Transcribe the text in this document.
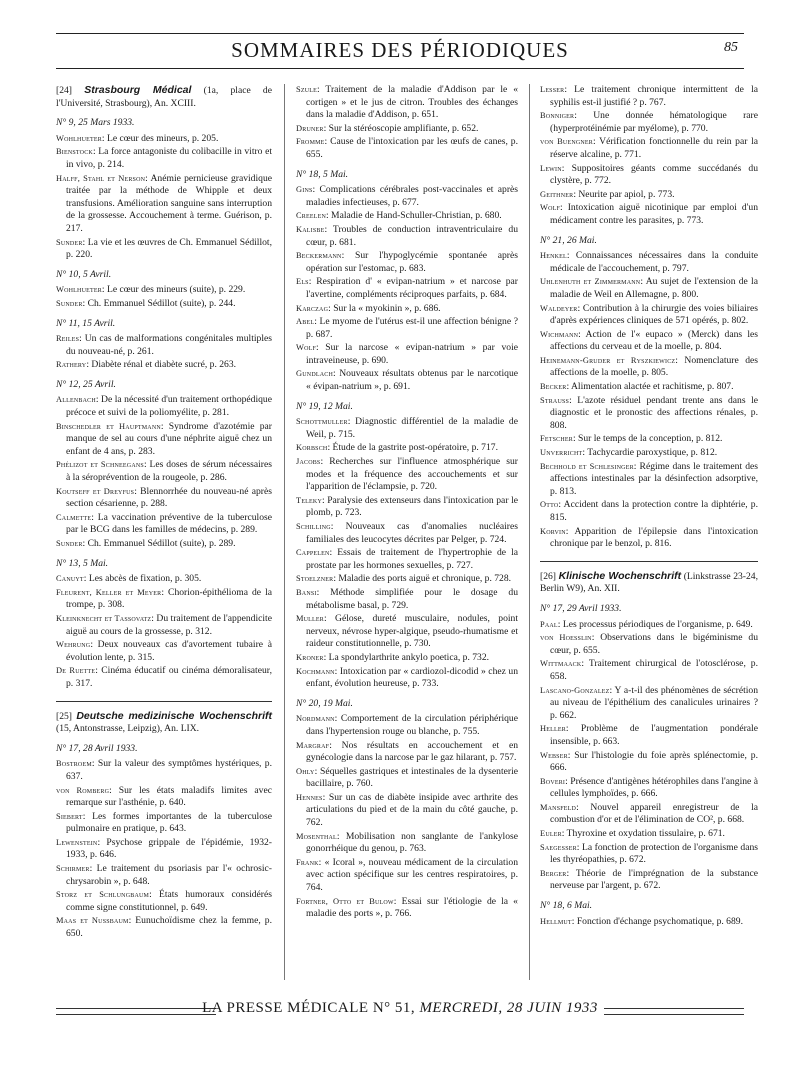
SOMMAIRES DES PÉRIODIQUES	85
[24] Strasbourg Médical (1a, place de l'Université, Strasbourg), An. XCIII.
N° 9, 25 Mars 1933.
Wohlhueter: Le cœur des mineurs, p. 205.
Bienstock: La force antagoniste du colibacille in vitro et in vivo, p. 214.
Halff, Stahl et Nerson: Anémie pernicieuse gravidique traitée par la méthode de Whipple et deux transfusions. Amélioration sanguine sans interruption de la grossesse. Accouchement à terme. Guérison, p. 217.
Sunder: La vie et les œuvres de Ch. Emmanuel Sédillot, p. 220.
N° 10, 5 Avril.
Wohlhueter: Le cœur des mineurs (suite), p. 229.
Sunder: Ch. Emmanuel Sédillot (suite), p. 244.
N° 11, 15 Avril.
Reiles: Un cas de malformations congénitales multiples du nouveau-né, p. 261.
Rathery: Diabète rénal et diabète sucré, p. 263.
N° 12, 25 Avril.
Allenbach: De la nécessité d'un traitement orthopédique précoce et suivi de la poliomyélite, p. 281.
Binschedler et Hauptmann: Syndrome d'azotémie par manque de sel au cours d'une néphrite aiguë chez un enfant de 4 ans, p. 283.
Phélizot et Schneegans: Les doses de sérum nécessaires à la séroprévention de la rougeole, p. 286.
Koutseff et Dreyfus: Blennorrhée du nouveau-né après section césarienne, p. 288.
Calmette: La vaccination préventive de la tuberculose par le BCG dans les familles de médecins, p. 289.
Sunder: Ch. Emmanuel Sédillot (suite), p. 289.
N° 13, 5 Mai.
Canuyt: Les abcès de fixation, p. 305.
Fleurent, Keller et Meyer: Chorion-épithélioma de la trompe, p. 308.
Kleinknecht et Tassovatz: Du traitement de l'appendicite aiguë au cours de la grossesse, p. 312.
Wehrung: Deux nouveaux cas d'avortement tubaire à évolution lente, p. 315.
De Ruette: Cinéma éducatif ou cinéma démoralisateur, p. 317.
[25] Deutsche medizinische Wochenschrift (15, Antonstrasse, Leipzig), An. LIX.
N° 17, 28 Avril 1933.
Bostroem: Sur la valeur des symptômes hystériques, p. 637.
von Romberg: Sur les états maladifs limites avec remarque sur l'asthénie, p. 640.
Siebert: Les formes importantes de la tuberculose pulmonaire en pratique, p. 643.
Lewenstein: Psychose grippale de l'épidémie, 1932-1933, p. 646.
Schirmer: Le traitement du psoriasis par l'« ochrosic-chrysarobin », p. 648.
Storz et Schlungbaum: États humoraux considérés comme signe constitutionnel, p. 649.
Maas et Nussbaum: Eunuchoïdisme chez la femme, p. 650.
Szule: Traitement de la maladie d'Addison par le « cortigen » et le jus de citron. Troubles des échanges dans la maladie d'Addison, p. 651.
Druner: Sur la stéréoscopie amplifiante, p. 652.
Fromme: Cause de l'intoxication par les œufs de canes, p. 655.
N° 18, 5 Mai.
Gins: Complications cérébrales post-vaccinales et après maladies infectieuses, p. 677.
Creelen: Maladie de Hand-Schuller-Christian, p. 680.
Kalisbe: Troubles de conduction intraventriculaire du cœur, p. 681.
Beckermann: Sur l'hypoglycémie spontanée après opération sur l'estomac, p. 683.
Els: Respiration d' « evipan-natrium » et narcose par l'avertine, compléments réciproques parfaits, p. 684.
Karczag: Sur la « myokinin », p. 686.
Abel: Le myome de l'utérus est-il une affection bénigne ? p. 687.
Wolf: Sur la narcose « evipan-natrium » par voie intraveineuse, p. 690.
Gundlach: Nouveaux résultats obtenus par le narcotique « évipan-natrium », p. 691.
N° 19, 12 Mai.
Schottmuller: Diagnostic différentiel de la maladie de Weil, p. 715.
Korbsch: Étude de la gastrite post-opératoire, p. 717.
Jacobs: Recherches sur l'influence atmosphérique sur modes et la fréquence des accouchements et sur l'apparition de l'éclampsie, p. 720.
Teleky: Paralysie des extenseurs dans l'intoxication par le plomb, p. 723.
Schilling: Nouveaux cas d'anomalies nucléaires familiales des leucocytes décrites par Pelger, p. 724.
Cappelen: Essais de traitement de l'hypertrophie de la prostate par les hormones sexuelles, p. 727.
Stoelzner: Maladie des ports aiguë et chronique, p. 728.
Bansi: Méthode simplifiée pour le dosage du métabolisme basal, p. 729.
Muller: Gélose, dureté musculaire, nodules, point nerveux, névrose hyper-algique, pseudo-rhumatisme et raideur constitutionnelle, p. 730.
Kroner: La spondylarthrite ankylo poetica, p. 732.
Kochmann: Intoxication par « cardiozol-dicodid » chez un enfant, évolution heureuse, p. 733.
N° 20, 19 Mai.
Nordmann: Comportement de la circulation périphérique dans l'hypertension rouge ou blanche, p. 755.
Margraf: Nos résultats en accouchement et en gynécologie dans la narcose par le gaz hilarant, p. 757.
Ohly: Séquelles gastriques et intestinales de la dysenterie bacillaire, p. 760.
Hennes: Sur un cas de diabète insipide avec arthrite des articulations du pied et de la main du côté gauche, p. 762.
Mosenthal: Mobilisation non sanglante de l'ankylose gonorrhéique du genou, p. 763.
Frank: « Icoral », nouveau médicament de la circulation avec action spécifique sur les centres respiratoires, p. 764.
Fortner, Otto et Bulow: Essai sur l'étiologie de la « maladie des ports », p. 766.
Lesser: Le traitement chronique intermittent de la syphilis est-il justifié ? p. 767.
Bonniger: Une donnée hématologique rare (hyperprotéinémie par myélome), p. 770.
von Buengner: Vérification fonctionnelle du rein par la réserve alcaline, p. 771.
Lewin: Suppositoires géants comme succédanés du clystère, p. 772.
Geithner: Neurite par apiol, p. 773.
Wolf: Intoxication aiguë nicotinique par emploi d'un médicament contre les parasites, p. 773.
N° 21, 26 Mai.
Henkel: Connaissances nécessaires dans la conduite médicale de l'accouchement, p. 797.
Uhlenhuth et Zimmermann: Au sujet de l'extension de la maladie de Weil en Allemagne, p. 800.
Waldeyer: Contribution à la chirurgie des voies biliaires d'après expériences cliniques de 571 opérés, p. 802.
Wichmann: Action de l'« eupaco » (Merck) dans les affections du cerveau et de la moelle, p. 804.
Heinemann-Gruder et Ryszkiewicz: Nomenclature des affections de la moelle, p. 805.
Becker: Alimentation alactée et rachitisme, p. 807.
Strauss: L'azote résiduel pendant trente ans dans le diagnostic et le pronostic des affections rénales, p. 808.
Fetscher: Sur le temps de la conception, p. 812.
Unverricht: Tachycardie paroxystique, p. 812.
Bechhold et Schlesinger: Régime dans le traitement des affections intestinales par la désinfection adsorptive, p. 813.
Otto: Accident dans la protection contre la diphtérie, p. 815.
Korvin: Apparition de l'épilepsie dans l'intoxication chronique par le benzol, p. 816.
[26] Klinische Wochenschrift (Linkstrasse 23-24, Berlin W9), An. XII.
N° 17, 29 Avril 1933.
Paal: Les processus périodiques de l'organisme, p. 649.
von Hoesslin: Observations dans le bigéminisme du cœur, p. 655.
Wittmaack: Traitement chirurgical de l'otosclérose, p. 658.
Lascano-Gonzalez: Y a-t-il des phénomènes de sécrétion au niveau de l'épithélium des canalicules urinaires ? p. 662.
Heller: Problème de l'augmentation pondérale insensible, p. 663.
Webser: Sur l'histologie du foie après splénectomie, p. 666.
Boveri: Présence d'antigènes hétérophiles dans l'angine à cellules lymphoïdes, p. 666.
Mansfeld: Nouvel appareil enregistreur de la combustion d'or et de l'élimination de CO², p. 668.
Euler: Thyroxine et oxydation tissulaire, p. 671.
Saegesser: La fonction de protection de l'organisme dans les thyréopathies, p. 672.
Berger: Théorie de l'imprégnation de la substance nerveuse par l'argent, p. 672.
N° 18, 6 Mai.
Hellmut: Fonction d'échange psychomatique, p. 689.
LA PRESSE MÉDICALE N° 51, MERCREDI, 28 JUIN 1933
